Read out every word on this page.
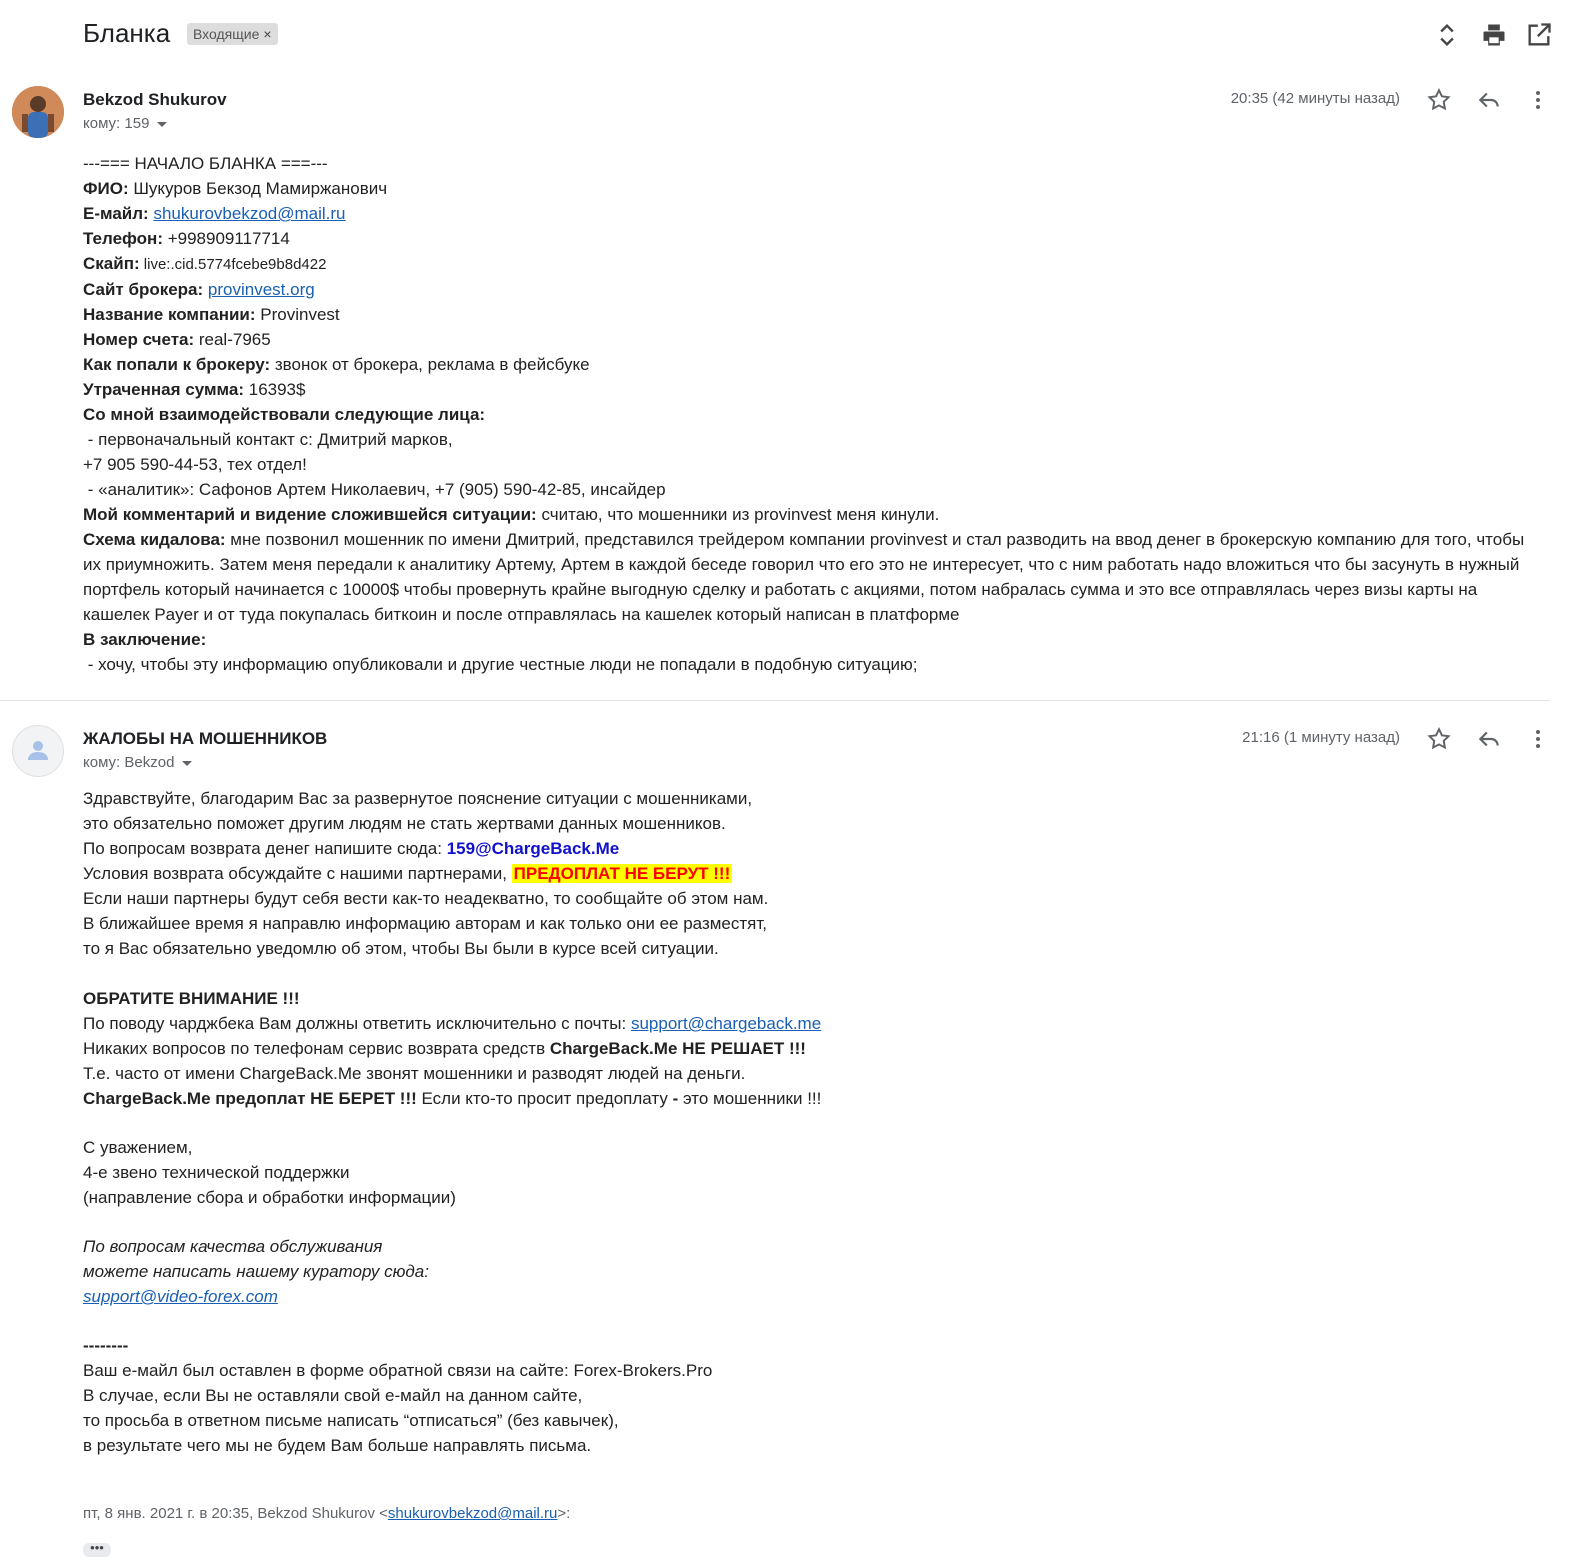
Бланка	Входящие ×
Bekzod Shukurov
кому: 159
20:35 (42 минуты назад)
---=== НАЧАЛО БЛАНКА ===---
ФИО: Шукуров Бекзод Мамиржанович
E-майл: shukurovbekzod@mail.ru
Телефон: +998909117714
Скайп: live:.cid.5774fcebe9b8d422
Сайт брокера: provinvest.org
Название компании: Provinvest
Номер счета: real-7965
Как попали к брокеру: звонок от брокера, реклама в фейсбуке
Утраченная сумма: 16393$
Со мной взаимодействовали следующие лица:
- первоначальный контакт с: Дмитрий марков,
+7 905 590-44-53, тех отдел!
- «аналитик»: Сафонов Артем Николаевич, +7 (905) 590-42-85, инсайдер
Мой комментарий и видение сложившейся ситуации: считаю, что мошенники из provinvest меня кинули.
Схема кидалова: мне позвонил мошенник по имени Дмитрий, представился трейдером компании provinvest и стал разводить на ввод денег в брокерскую компанию для того, чтобы их приумножить. Затем меня передали к аналитику Артему, Артем в каждой беседе говорил что его это не интересует, что с ним работать надо вложиться что бы засунуть в нужный портфель который начинается с 10000$ чтобы провернуть крайне выгодную сделку и работать с акциями, потом набралась сумма и это все отправлялась через визы карты на кашелек Payer и от туда покупалась биткоин и после отправлялась на кашелек который написан в платформе
В заключение:
- хочу, чтобы эту информацию опубликовали и другие честные люди не попадали в подобную ситуацию;
ЖАЛОБЫ НА МОШЕННИКОВ
кому: Bekzod
21:16 (1 минуту назад)
Здравствуйте, благодарим Вас за развернутое пояснение ситуации с мошенниками,
это обязательно поможет другим людям не стать жертвами данных мошенников.
По вопросам возврата денег напишите сюда: 159@ChargeBack.Me
Условия возврата обсуждайте с нашими партнерами, ПРЕДОПЛАТ НЕ БЕРУТ !!!
Если наши партнеры будут себя вести как-то неадекватно, то сообщайте об этом нам.
В ближайшее время я направлю информацию авторам и как только они ее разместят,
то я Вас обязательно уведомлю об этом, чтобы Вы были в курсе всей ситуации.
ОБРАТИТЕ ВНИМАНИЕ !!!
По поводу чарджбека Вам должны ответить исключительно с почты: support@chargeback.me
Никаких вопросов по телефонам сервис возврата средств ChargeBack.Me НЕ РЕШАЕТ !!!
Т.е. часто от имени ChargeBack.Me звонят мошенники и разводят людей на деньги.
ChargeBack.Me предоплат НЕ БЕРЕТ !!! Если кто-то просит предоплату - это мошенники !!!
С уважением,
4-е звено технической поддержки
(направление сбора и обработки информации)
По вопросам качества обслуживания
можете написать нашему куратору сюда:
support@video-forex.com
--------
Ваш е-майл был оставлен в форме обратной связи на сайте: Forex-Brokers.Pro
В случае, если Вы не оставляли свой е-майл на данном сайте,
то просьба в ответном письме написать “отписаться” (без кавычек),
в результате чего мы не будем Вам больше направлять письма.
пт, 8 янв. 2021 г. в 20:35, Bekzod Shukurov <shukurovbekzod@mail.ru>:
•••
